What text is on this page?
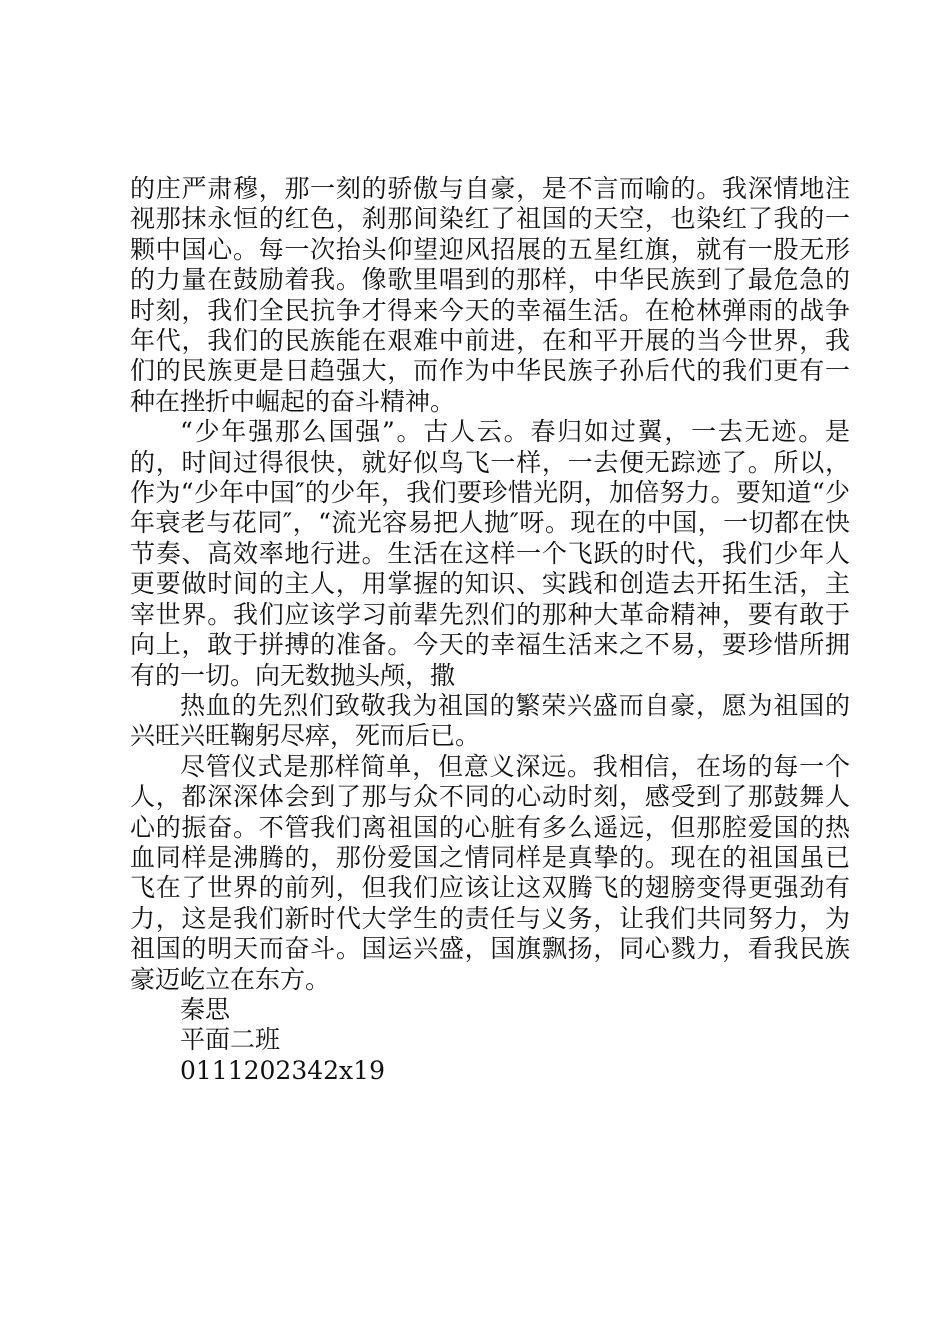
的庄严肃穆，那一刻的骄傲与自豪，是不言而喻的。我深情地注视那抹永恒的红色，刹那间染红了祖国的天空，也染红了我的一颗中国心。每一次抬头仰望迎风招展的五星红旗，就有一股无形的力量在鼓励着我。像歌里唱到的那样，中华民族到了最危急的时刻，我们全民抗争才得来今天的幸福生活。在枪林弹雨的战争年代，我们的民族能在艰难中前进，在和平开展的当今世界，我们的民族更是日趋强大，而作为中华民族子孙后代的我们更有一种在挫折中崛起的奋斗精神。

“少年强那么国强”。古人云。春归如过翼，一去无迹。是的，时间过得很快，就好似鸟飞一样，一去便无踪迹了。所以，作为“少年中国″的少年，我们要珍惜光阴，加倍努力。要知道“少年衰老与花同″，“流光容易把人抛″呀。现在的中国，一切都在快节奏、高效率地行进。生活在这样一个飞跃的时代，我们少年人更要做时间的主人，用掌握的知识、实践和创造去开拓生活，主宰世界。我们应该学习前辈先烈们的那种大革命精神，要有敢于向上，敢于拼搏的准备。今天的幸福生活来之不易，要珍惜所拥有的一切。向无数抛头颅，撒

热血的先烈们致敬我为祖国的繁荣兴盛而自豪，愿为祖国的兴旺兴旺鞠躬尽瘁，死而后已。

尽管仪式是那样简单，但意义深远。我相信，在场的每一个人，都深深体会到了那与众不同的心动时刻，感受到了那鼓舞人心的振奋。不管我们离祖国的心脏有多么遥远，但那腔爱国的热血同样是沸腾的，那份爱国之情同样是真挚的。现在的祖国虽已飞在了世界的前列，但我们应该让这双腾飞的翅膀变得更强劲有力，这是我们新时代大学生的责任与义务，让我们共同努力，为祖国的明天而奋斗。国运兴盛，国旗飘扬，同心戮力，看我民族豪迈屹立在东方。

秦思

平面二班

0111202342x19
